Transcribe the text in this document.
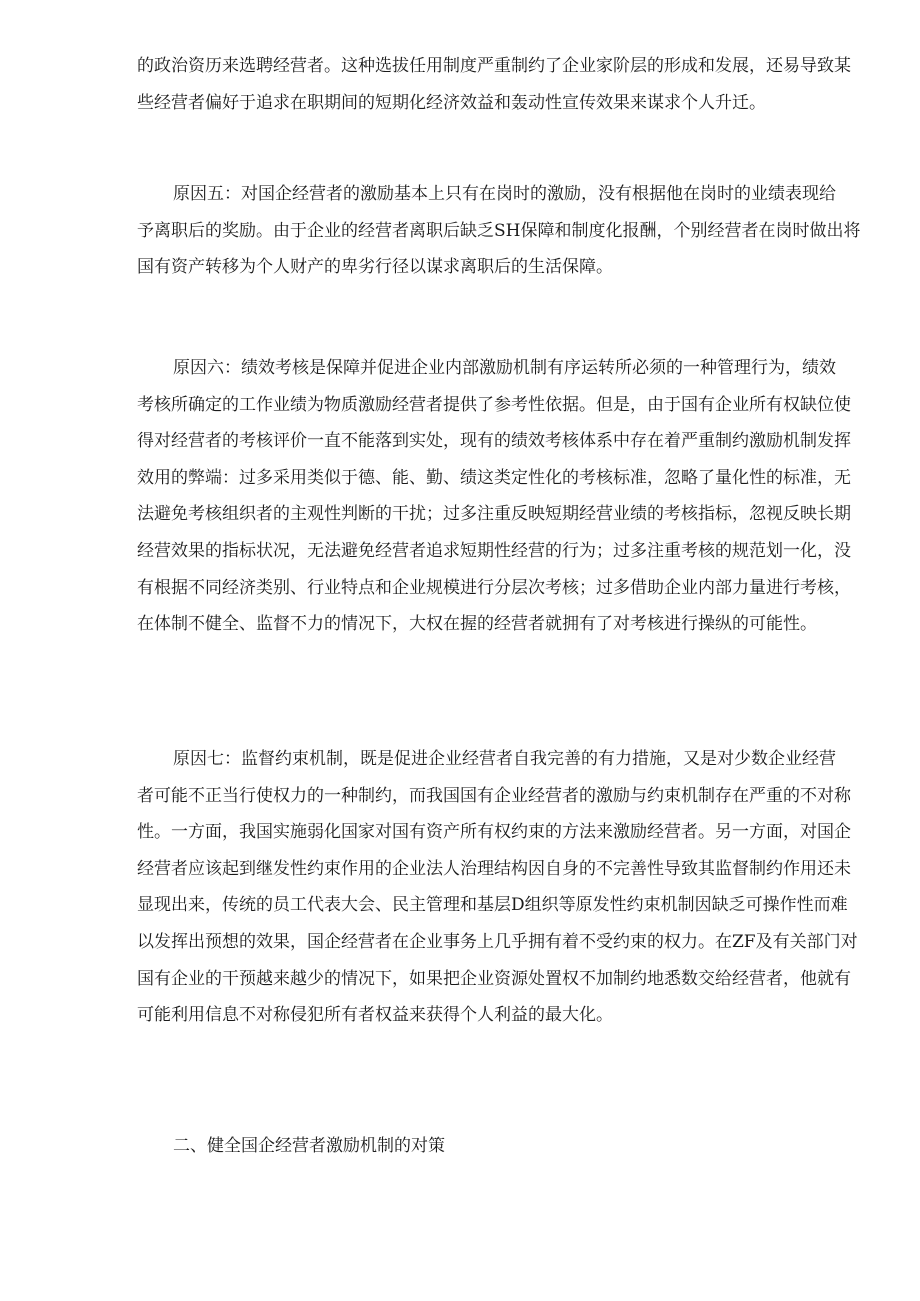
的政治资历来选聘经营者。这种选拔任用制度严重制约了企业家阶层的形成和发展，还易导致某
些经营者偏好于追求在职期间的短期化经济效益和轰动性宣传效果来谋求个人升迁。
原因五：对国企经营者的激励基本上只有在岗时的激励，没有根据他在岗时的业绩表现给
予离职后的奖励。由于企业的经营者离职后缺乏SH保障和制度化报酬，个别经营者在岗时做出将
国有资产转移为个人财产的卑劣行径以谋求离职后的生活保障。
原因六：绩效考核是保障并促进企业内部激励机制有序运转所必须的一种管理行为，绩效
考核所确定的工作业绩为物质激励经营者提供了参考性依据。但是，由于国有企业所有权缺位使
得对经营者的考核评价一直不能落到实处，现有的绩效考核体系中存在着严重制约激励机制发挥
效用的弊端：过多采用类似于德、能、勤、绩这类定性化的考核标准，忽略了量化性的标准，无
法避免考核组织者的主观性判断的干扰；过多注重反映短期经营业绩的考核指标，忽视反映长期
经营效果的指标状况，无法避免经营者追求短期性经营的行为；过多注重考核的规范划一化，没
有根据不同经济类别、行业特点和企业规模进行分层次考核；过多借助企业内部力量进行考核，
在体制不健全、监督不力的情况下，大权在握的经营者就拥有了对考核进行操纵的可能性。
原因七：监督约束机制，既是促进企业经营者自我完善的有力措施，又是对少数企业经营
者可能不正当行使权力的一种制约，而我国国有企业经营者的激励与约束机制存在严重的不对称
性。一方面，我国实施弱化国家对国有资产所有权约束的方法来激励经营者。另一方面，对国企
经营者应该起到继发性约束作用的企业法人治理结构因自身的不完善性导致其监督制约作用还未
显现出来，传统的员工代表大会、民主管理和基层D组织等原发性约束机制因缺乏可操作性而难
以发挥出预想的效果，国企经营者在企业事务上几乎拥有着不受约束的权力。在ZF及有关部门对
国有企业的干预越来越少的情况下，如果把企业资源处置权不加制约地悉数交给经营者，他就有
可能利用信息不对称侵犯所有者权益来获得个人利益的最大化。
二、健全国企经营者激励机制的对策
